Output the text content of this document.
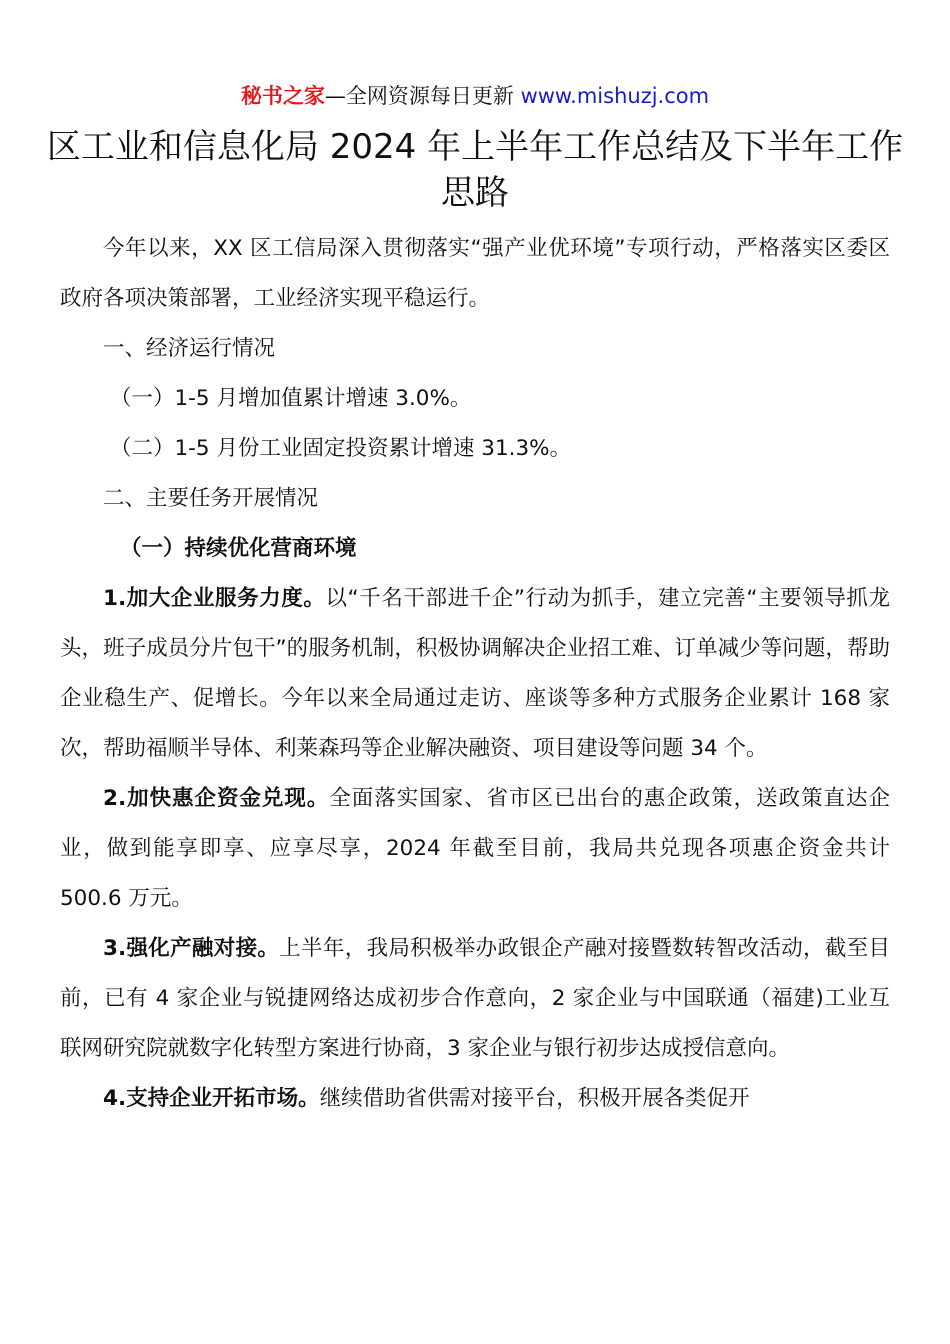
秘书之家—全网资源每日更新 www.mishuzj.com
区工业和信息化局 2024 年上半年工作总结及下半年工作思路

今年以来，XX 区工信局深入贯彻落实“强产业优环境”专项行动，严格落实区委区政府各项决策部署，工业经济实现平稳运行。

一、经济运行情况

（一）1-5 月增加值累计增速 3.0%。

（二）1-5 月份工业固定投资累计增速 31.3%。

二、主要任务开展情况

（一）持续优化营商环境

1.加大企业服务力度。以“千名干部进千企”行动为抓手，建立完善“主要领导抓龙头，班子成员分片包干”的服务机制，积极协调解决企业招工难、订单减少等问题，帮助企业稳生产、促增长。今年以来全局通过走访、座谈等多种方式服务企业累计 168 家次，帮助福顺半导体、利莱森玛等企业解决融资、项目建设等问题 34 个。

2.加快惠企资金兑现。全面落实国家、省市区已出台的惠企政策，送政策直达企业，做到能享即享、应享尽享，2024 年截至目前，我局共兑现各项惠企资金共计 500.6 万元。

3.强化产融对接。上半年，我局积极举办政银企产融对接暨数转智改活动，截至目前，已有 4 家企业与锐捷网络达成初步合作意向，2 家企业与中国联通（福建)工业互联网研究院就数字化转型方案进行协商，3 家企业与银行初步达成授信意向。

4.支持企业开拓市场。继续借助省供需对接平台，积极开展各类促开
